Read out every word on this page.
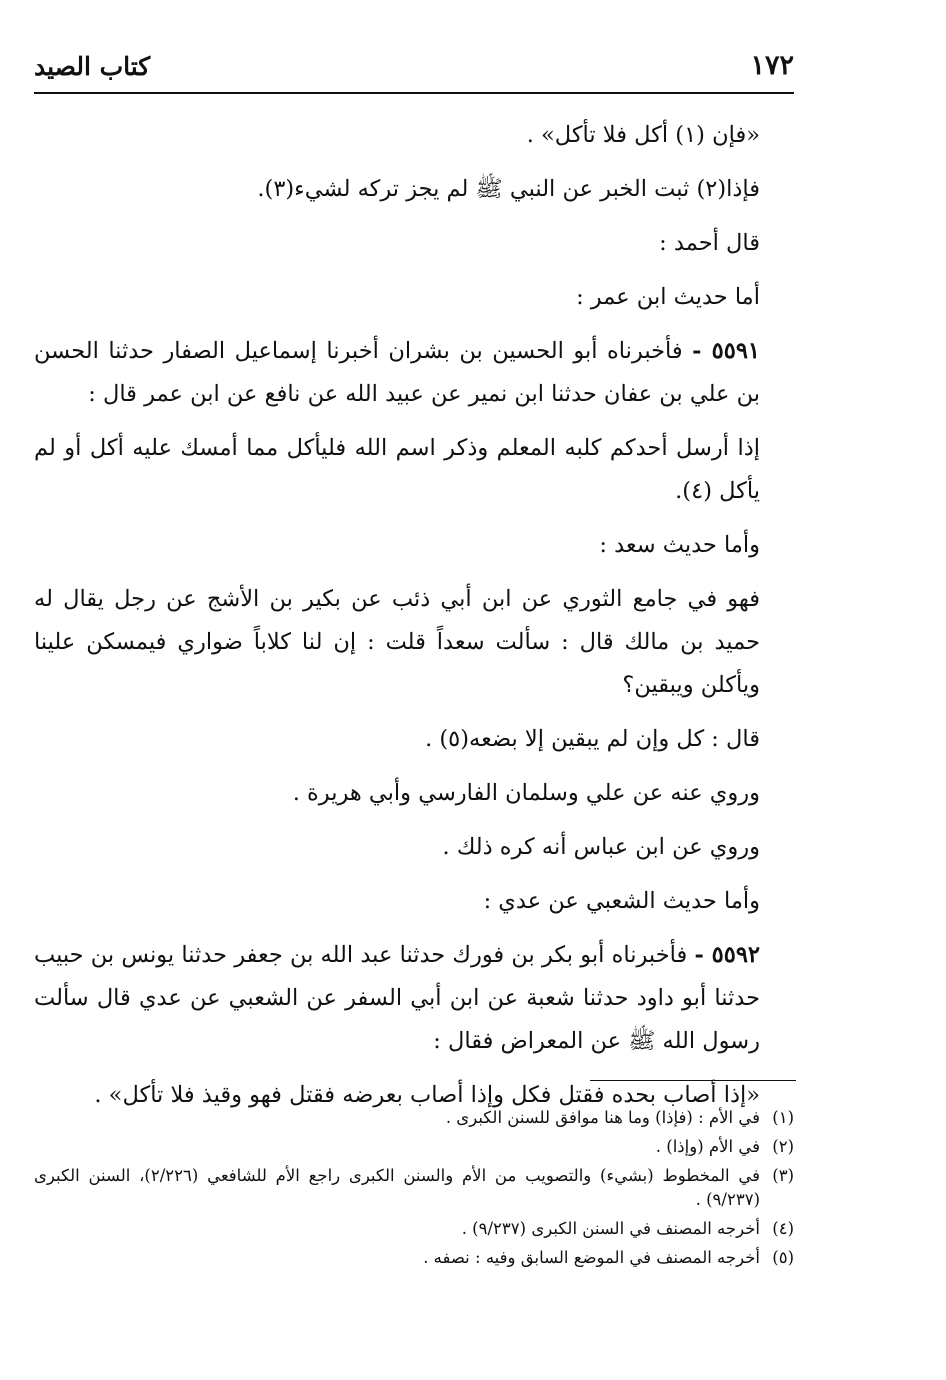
كتاب الصيد	١٧٢

«فإن (١) أكل فلا تأكل» .

فإذا(٢) ثبت الخبر عن النبي ﷺ لم يجز تركه لشيء(٣).

قال أحمد :

أما حديث ابن عمر :

٥٥٩١ - فأخبرناه أبو الحسين بن بشران أخبرنا إسماعيل الصفار حدثنا الحسن بن علي بن عفان حدثنا ابن نمير عن عبيد الله عن نافع عن ابن عمر قال :

إذا أرسل أحدكم كلبه المعلم وذكر اسم الله فليأكل مما أمسك عليه أكل أو لم يأكل (٤).

وأما حديث سعد :

فهو في جامع الثوري عن ابن أبي ذئب عن بكير بن الأشج عن رجل يقال له حميد بن مالك قال : سألت سعداً قلت : إن لنا كلاباً ضواري فيمسكن علينا ويأكلن ويبقين؟

قال : كل وإن لم يبقين إلا بضعه(٥) .

وروي عنه عن علي وسلمان الفارسي وأبي هريرة .

وروي عن ابن عباس أنه كره ذلك .

وأما حديث الشعبي عن عدي :

٥٥٩٢ - فأخبرناه أبو بكر بن فورك حدثنا عبد الله بن جعفر حدثنا يونس بن حبيب حدثنا أبو داود حدثنا شعبة عن ابن أبي السفر عن الشعبي عن عدي قال سألت رسول الله ﷺ عن المعراض فقال :

«إذا أصاب بحده فقتل فكل وإذا أصاب بعرضه فقتل فهو وقيذ فلا تأكل» .

(١)
في الأم : (فإذا) وما هنا موافق للسنن الكبرى .
(٢)
في الأم (وإذا) .
(٣)
في المخطوط (بشيء) والتصويب من الأم والسنن الكبرى راجع الأم للشافعي (٢/٢٢٦)، السنن الكبرى (٩/٢٣٧) .
(٤)
أخرجه المصنف في السنن الكبرى (٩/٢٣٧) .
(٥)
أخرجه المصنف في الموضع السابق وفيه : نصفه .
